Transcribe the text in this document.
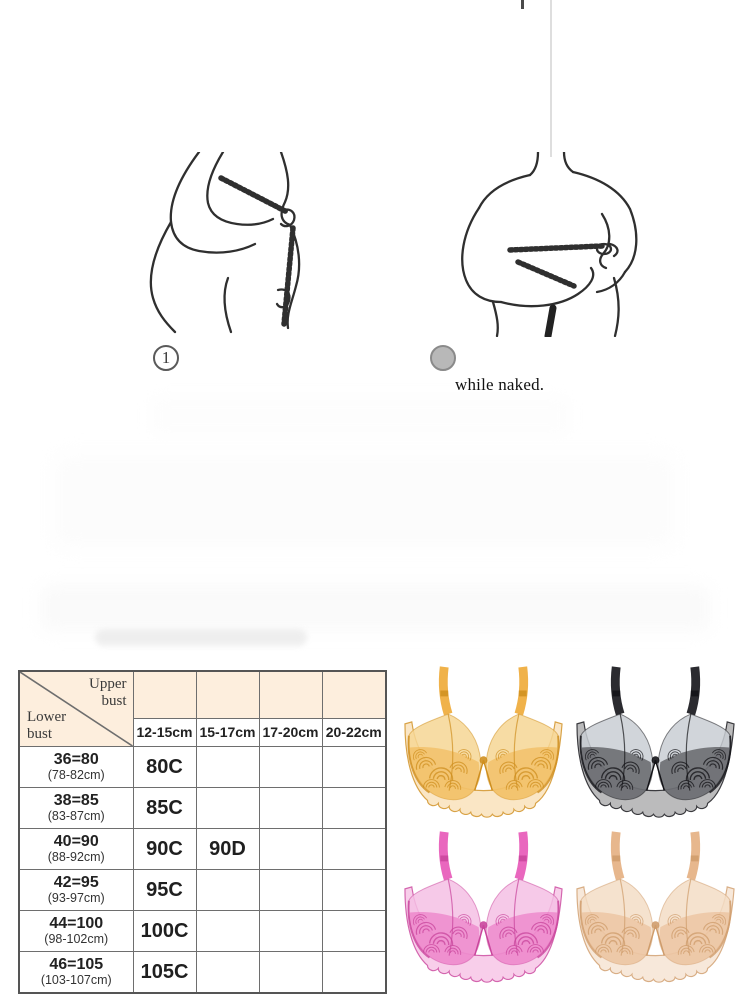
1
while naked.
Upper bust
Lower bust				

	12-15cm	15-17cm	17-20cm	20-22cm

36=80
(78-82cm)	80C			

38=85
(83-87cm)	85C			

40=90
(88-92cm)	90C	90D		

42=95
(93-97cm)	95C			

44=100
(98-102cm)	100C			

46=105
(103-107cm)	105C			
